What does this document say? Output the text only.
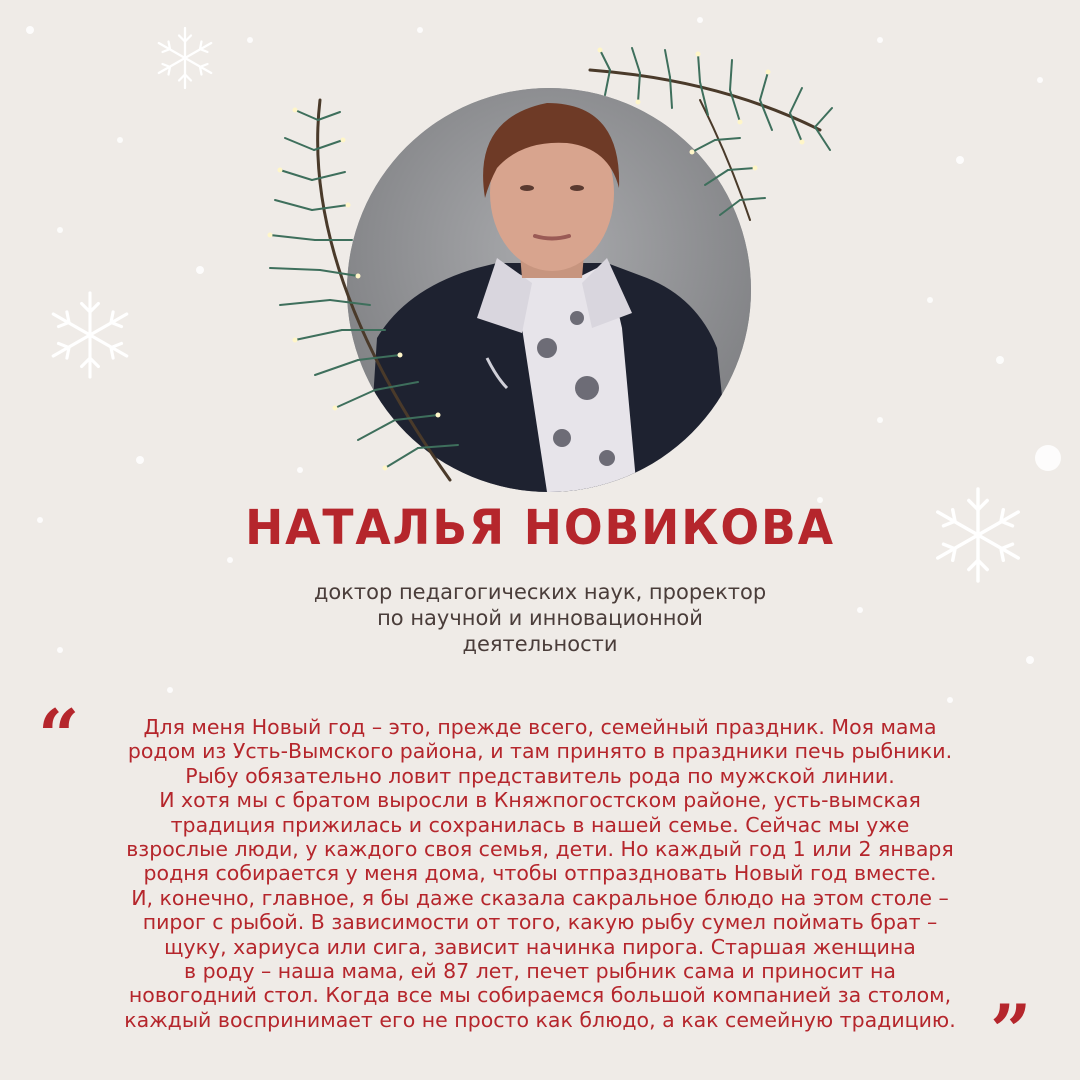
НАТАЛЬЯ НОВИКОВА
доктор педагогических наук, проректор
по научной и инновационной
деятельности
“
”
Для меня Новый год – это, прежде всего, семейный праздник. Моя мама
родом из Усть-Вымского района, и там принято в праздники печь рыбники.
Рыбу обязательно ловит представитель рода по мужской линии.
И хотя мы с братом выросли в Княжпогостском районе, усть-вымская
традиция прижилась и сохранилась в нашей семье. Сейчас мы уже
взрослые люди, у каждого своя семья, дети. Но каждый год 1 или 2 января
родня собирается у меня дома, чтобы отпраздновать Новый год вместе.
И, конечно, главное, я бы даже сказала сакральное блюдо на этом столе –
пирог с рыбой. В зависимости от того, какую рыбу сумел поймать брат –
щуку, хариуса или сига, зависит начинка пирога. Старшая женщина
в роду – наша мама, ей 87 лет, печет рыбник сама и приносит на
новогодний стол. Когда все мы собираемся большой компанией за столом,
каждый воспринимает его не просто как блюдо, а как семейную традицию.
